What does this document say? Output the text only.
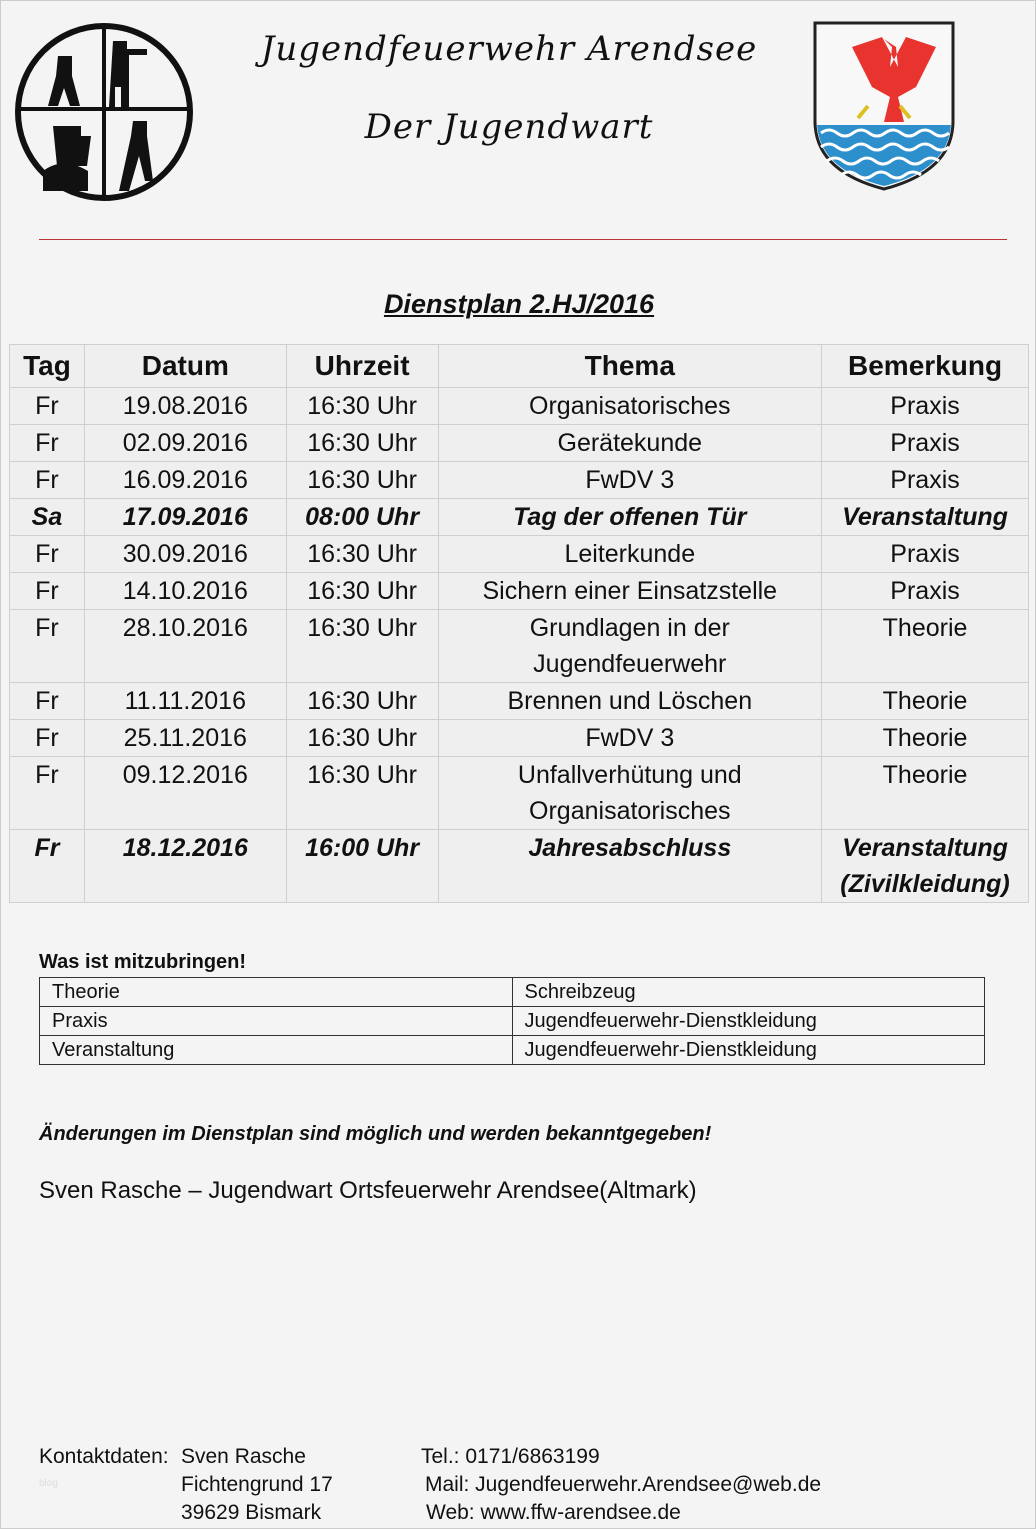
Jugendfeuerwehr Arendsee
Der Jugendwart
Dienstplan 2.HJ/2016
Tag	Datum	Uhrzeit	Thema	Bemerkung
Fr	19.08.2016	16:30 Uhr	Organisatorisches	Praxis
Fr	02.09.2016	16:30 Uhr	Gerätekunde	Praxis
Fr	16.09.2016	16:30 Uhr	FwDV 3	Praxis
Sa	17.09.2016	08:00 Uhr	Tag der offenen Tür	Veranstaltung
Fr	30.09.2016	16:30 Uhr	Leiterkunde	Praxis
Fr	14.10.2016	16:30 Uhr	Sichern einer Einsatzstelle	Praxis
Fr	28.10.2016	16:30 Uhr	Grundlagen in der Jugendfeuerwehr	Theorie
Fr	11.11.2016	16:30 Uhr	Brennen und Löschen	Theorie
Fr	25.11.2016	16:30 Uhr	FwDV 3	Theorie
Fr	09.12.2016	16:30 Uhr	Unfallverhütung und Organisatorisches	Theorie
Fr	18.12.2016	16:00 Uhr	Jahresabschluss	Veranstaltung (Zivilkleidung)
Was ist mitzubringen!
Theorie	Schreibzeug
Praxis	Jugendfeuerwehr-Dienstkleidung
Veranstaltung	Jugendfeuerwehr-Dienstkleidung
Änderungen im Dienstplan sind möglich und werden bekanntgegeben!
Sven Rasche – Jugendwart Ortsfeuerwehr Arendsee(Altmark)
Kontaktdaten:
blog
Sven Rasche
Fichtengrund 17
39629 Bismark
Tel.: 0171/6863199
Mail: Jugendfeuerwehr.Arendsee@web.de
Web: www.ffw-arendsee.de
